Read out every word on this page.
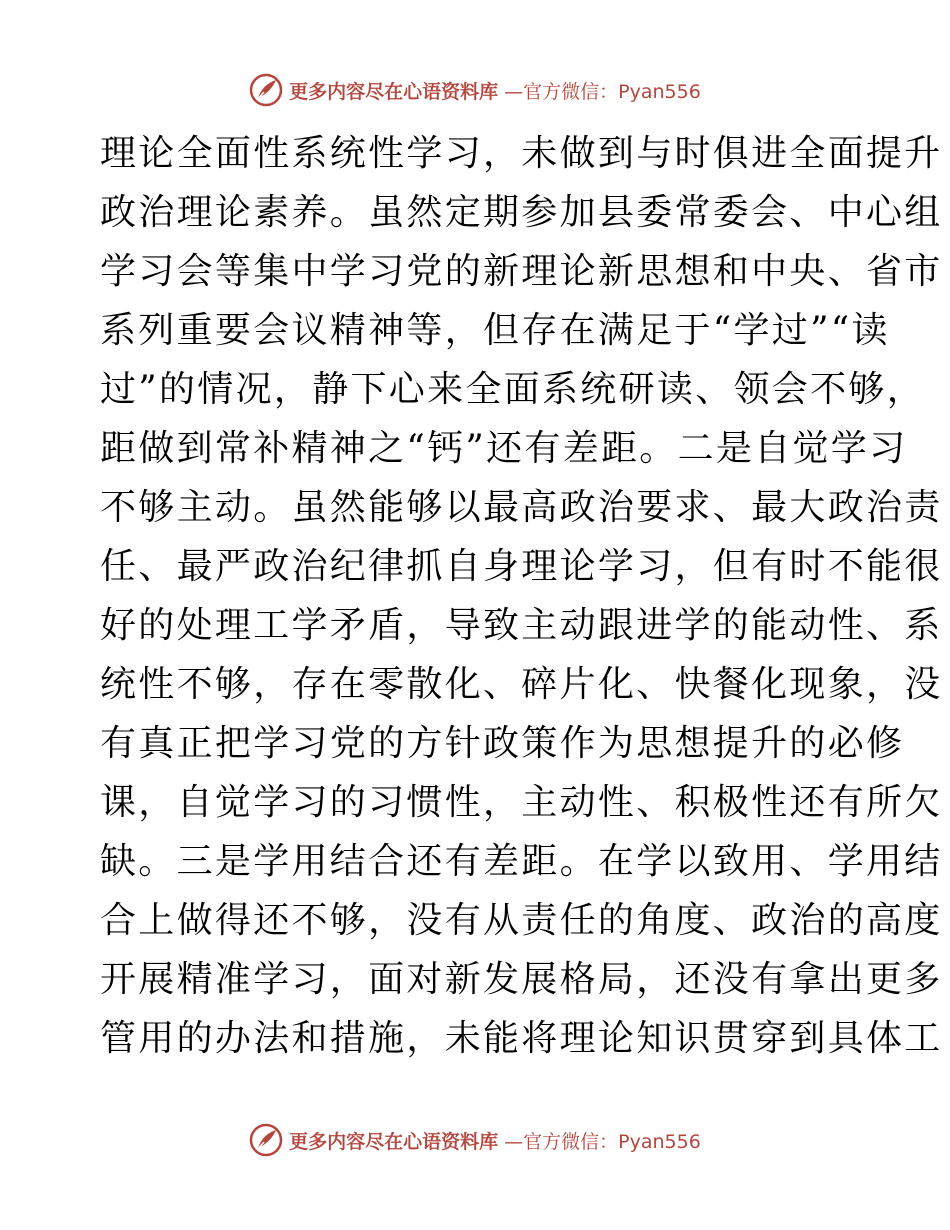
更多内容尽在心语资料库 —官方微信：Pyan556
理论全面性系统性学习，未做到与时俱进全面提升
政治理论素养。虽然定期参加县委常委会、中心组
学习会等集中学习党的新理论新思想和中央、省市
系列重要会议精神等，但存在满足于“学过”“读
过”的情况，静下心来全面系统研读、领会不够，
距做到常补精神之“钙”还有差距。二是自觉学习
不够主动。虽然能够以最高政治要求、最大政治责
任、最严政治纪律抓自身理论学习，但有时不能很
好的处理工学矛盾，导致主动跟进学的能动性、系
统性不够，存在零散化、碎片化、快餐化现象，没
有真正把学习党的方针政策作为思想提升的必修
课，自觉学习的习惯性，主动性、积极性还有所欠
缺。三是学用结合还有差距。在学以致用、学用结
合上做得还不够，没有从责任的角度、政治的高度
开展精准学习，面对新发展格局，还没有拿出更多
管用的办法和措施，未能将理论知识贯穿到具体工
更多内容尽在心语资料库 —官方微信：Pyan556
